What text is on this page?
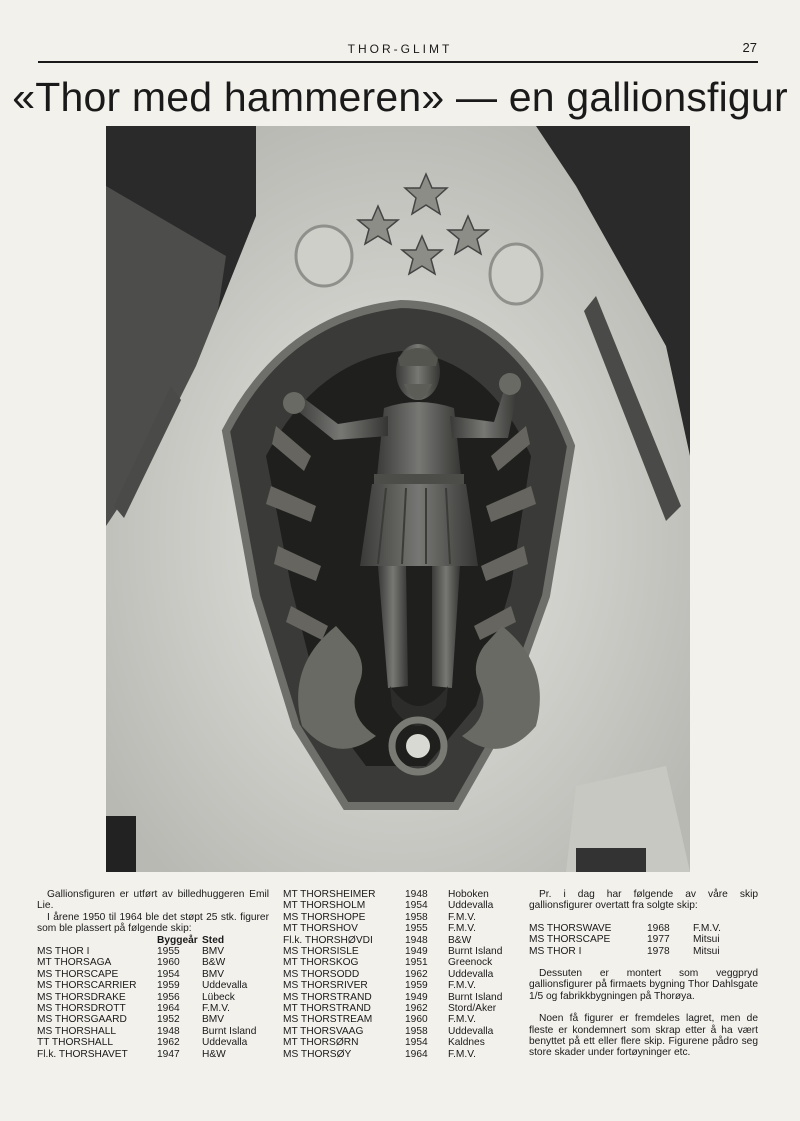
THOR-GLIMT	27
«Thor med hammeren» — en gallionsfigur

Gallionsfiguren er utført av billedhuggeren Emil Lie.

I årene 1950 til 1964 ble det støpt 25 stk. figurer som ble plassert på følgende skip:

	Byggeår	Sted
MS THOR I	1955	BMV
MT THORSAGA	1960	B&W
MS THORSCAPE	1954	BMV
MS THORSCARRIER	1959	Uddevalla
MS THORSDRAKE	1956	Lübeck
MS THORSDROTT	1964	F.M.V.
MS THORSGAARD	1952	BMV
MS THORSHALL	1948	Burnt Island
TT THORSHALL	1962	Uddevalla
Fl.k. THORSHAVET	1947	H&W
MT THORSHEIMER	1948	Hoboken
MT THORSHOLM	1954	Uddevalla
MS THORSHOPE	1958	F.M.V.
MT THORSHOV	1955	F.M.V.
Fl.k. THORSHØVDI	1948	B&W
MS THORSISLE	1949	Burnt Island
MT THORSKOG	1951	Greenock
MS THORSODD	1962	Uddevalla
MS THORSRIVER	1959	F.M.V.
MS THORSTRAND	1949	Burnt Island
MT THORSTRAND	1962	Stord/Aker
MS THORSTREAM	1960	F.M.V.
MT THORSVAAG	1958	Uddevalla
MT THORSØRN	1954	Kaldnes
MS THORSØY	1964	F.M.V.

Pr. i dag har følgende av våre skip gallionsfigurer overtatt fra solgte skip:

MS THORSWAVE	1968	F.M.V.
MS THORSCAPE	1977	Mitsui
MS THOR I	1978	Mitsui

Dessuten er montert som veggpryd gallionsfigurer på firmaets bygning Thor Dahlsgate 1/5 og fabrikkbygningen på Thorøya.

Noen få figurer er fremdeles lagret, men de fleste er kondemnert som skrap etter å ha vært benyttet på ett eller flere skip. Figurene pådro seg store skader under fortøyninger etc.
